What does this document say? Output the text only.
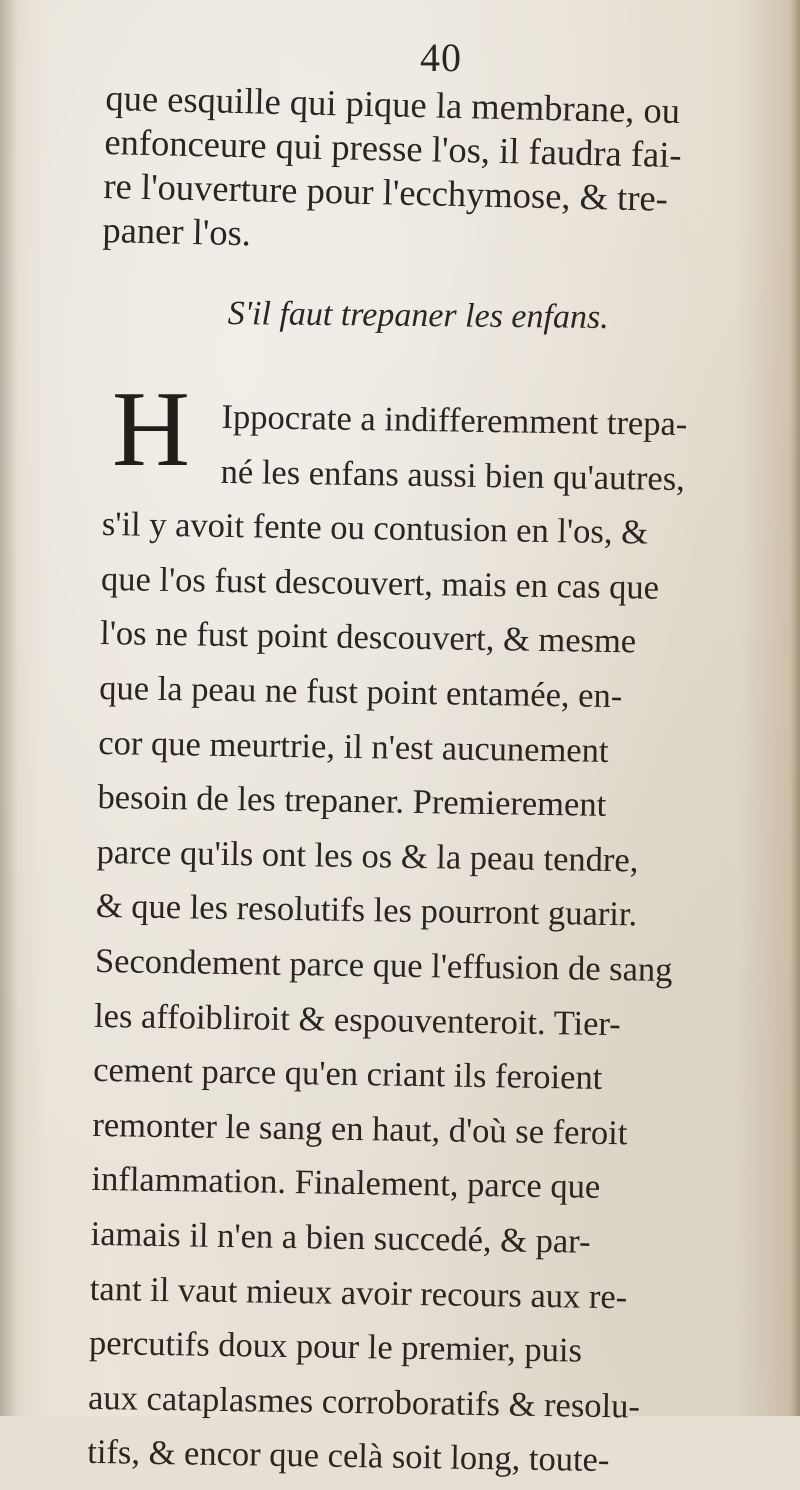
40
que esquille qui pique la membrane, ou
enfonceure qui presse l'os, il faudra fai-
re l'ouverture pour l'ecchymose, & tre-
paner l'os.
S'il faut trepaner les enfans.
H Ippocrate a indifferemment trepa-
né les enfans aussi bien qu'autres,
s'il y avoit fente ou contusion en l'os, &
que l'os fust descouvert, mais en cas que
l'os ne fust point descouvert, & mesme
que la peau ne fust point entamée, en-
cor que meurtrie, il n'est aucunement
besoin de les trepaner. Premierement
parce qu'ils ont les os & la peau tendre,
& que les resolutifs les pourront guarir.
Secondement parce que l'effusion de sang
les affoibliroit & espouventeroit. Tier-
cement parce qu'en criant ils feroient
remonter le sang en haut, d'où se feroit
inflammation. Finalement, parce que
iamais il n'en a bien succedé, & par-
tant il vaut mieux avoir recours aux re-
percutifs doux pour le premier, puis
aux cataplasmes corroboratifs & resolu-
tifs, & encor que celà soit long, toute-
